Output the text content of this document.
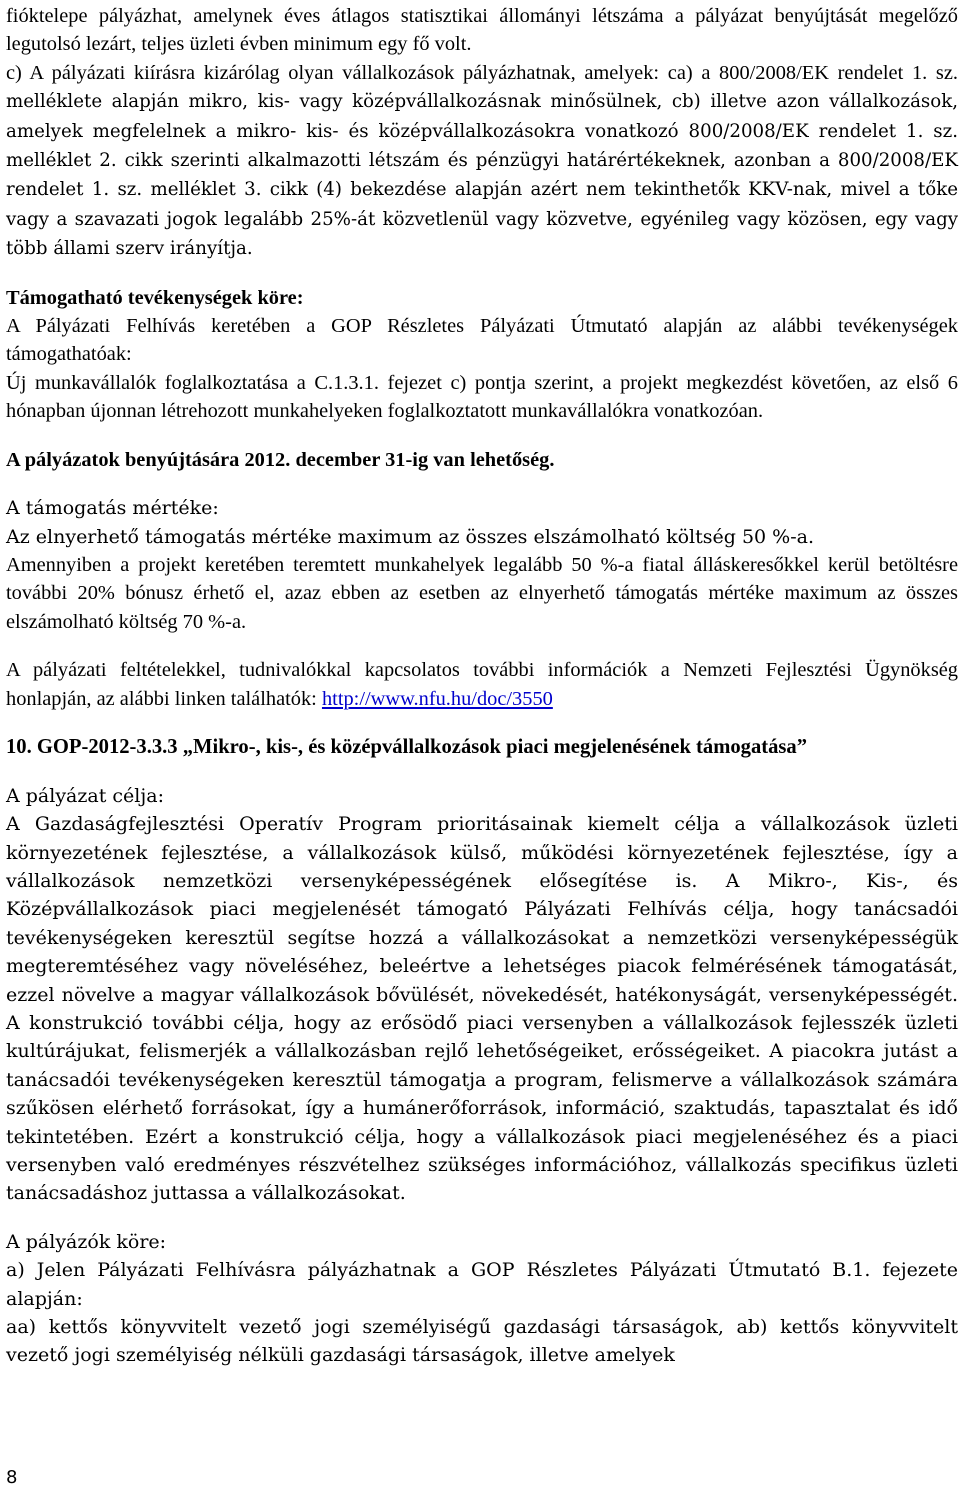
fióktelepe pályázhat, amelynek éves átlagos statisztikai állományi létszáma a pályázat benyújtását megelőző legutolsó lezárt, teljes üzleti évben minimum egy fő volt.

c) A pályázati kiírásra kizárólag olyan vállalkozások pályázhatnak, amelyek: ca) a 800/2008/EK rendelet 1. sz. melléklete alapján mikro, kis- vagy középvállalkozásnak minősülnek, cb) illetve azon vállalkozások, amelyek megfelelnek a mikro- kis- és középvállalkozásokra vonatkozó 800/2008/EK rendelet 1. sz. melléklet 2. cikk szerinti alkalmazotti létszám és pénzügyi határértékeknek, azonban a 800/2008/EK rendelet 1. sz. melléklet 3. cikk (4) bekezdése alapján azért nem tekinthetők KKV-nak, mivel a tőke vagy a szavazati jogok legalább 25%-át közvetlenül vagy közvetve, egyénileg vagy közösen, egy vagy több állami szerv irányítja.

Támogatható tevékenységek köre:

A Pályázati Felhívás keretében a GOP Részletes Pályázati Útmutató alapján az alábbi tevékenységek támogathatóak:

Új munkavállalók foglalkoztatása a C.1.3.1. fejezet c) pontja szerint, a projekt megkezdést követően, az első 6 hónapban újonnan létrehozott munkahelyeken foglalkoztatott munkavállalókra vonatkozóan.

A pályázatok benyújtására 2012. december 31-ig van lehetőség.

A támogatás mértéke:

Az elnyerhető támogatás mértéke maximum az összes elszámolható költség 50 %-a.

Amennyiben a projekt keretében teremtett munkahelyek legalább 50 %-a fiatal álláskeresőkkel kerül betöltésre további 20% bónusz érhető el, azaz ebben az esetben az elnyerhető támogatás mértéke maximum az összes elszámolható költség 70 %-a.

A pályázati feltételekkel, tudnivalókkal kapcsolatos további információk a Nemzeti Fejlesztési Ügynökség honlapján, az alábbi linken találhatók: http://www.nfu.hu/doc/3550

10. GOP-2012-3.3.3 „Mikro-, kis-, és középvállalkozások piaci megjelenésének támogatása”

A pályázat célja:

A Gazdaságfejlesztési Operatív Program prioritásainak kiemelt célja a vállalkozások üzleti környezetének fejlesztése, a vállalkozások külső, működési környezetének fejlesztése, így a vállalkozások nemzetközi versenyképességének elősegítése is. A Mikro-, Kis-, és Középvállalkozások piaci megjelenését támogató Pályázati Felhívás célja, hogy tanácsadói tevékenységeken keresztül segítse hozzá a vállalkozásokat a nemzetközi versenyképességük megteremtéséhez vagy növeléséhez, beleértve a lehetséges piacok felmérésének támogatását, ezzel növelve a magyar vállalkozások bővülését, növekedését, hatékonyságát, versenyképességét. A konstrukció további célja, hogy az erősödő piaci versenyben a vállalkozások fejlesszék üzleti kultúrájukat, felismerjék a vállalkozásban rejlő lehetőségeiket, erősségeiket. A piacokra jutást a tanácsadói tevékenységeken keresztül támogatja a program, felismerve a vállalkozások számára szűkösen elérhető forrásokat, így a humánerőforrások, információ, szaktudás, tapasztalat és idő tekintetében. Ezért a konstrukció célja, hogy a vállalkozások piaci megjelenéséhez és a piaci versenyben való eredményes részvételhez szükséges információhoz, vállalkozás specifikus üzleti tanácsadáshoz juttassa a vállalkozásokat.

A pályázók köre:

a) Jelen Pályázati Felhívásra pályázhatnak a GOP Részletes Pályázati Útmutató B.1. fejezete alapján:

aa) kettős könyvvitelt vezető jogi személyiségű gazdasági társaságok, ab) kettős könyvvitelt vezető jogi személyiség nélküli gazdasági társaságok, illetve amelyek

8
